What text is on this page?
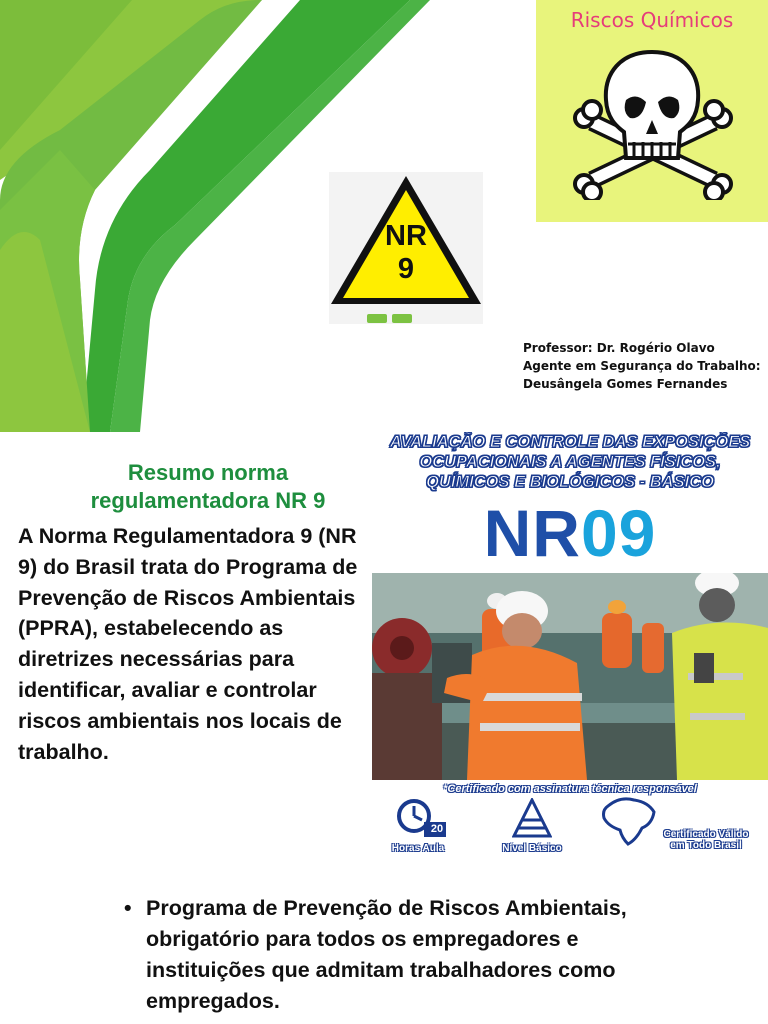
Riscos Químicos
NR
9
Professor: Dr. Rogério Olavo
Agente em Segurança do Trabalho:
Deusângela Gomes Fernandes
Resumo norma
regulamentadora NR 9
A Norma Regulamentadora 9 (NR 9) do Brasil trata do Programa de Prevenção de Riscos Ambientais (PPRA), estabelecendo as diretrizes necessárias para identificar, avaliar e controlar riscos ambientais nos locais de trabalho.
AVALIAÇÃO E CONTROLE DAS EXPOSIÇÕES
OCUPACIONAIS A AGENTES FÍSICOS,
QUÍMICOS E BIOLÓGICOS - BÁSICO
NR09
*Certificado com assinatura técnica responsável
20
Horas Aula	Nível Básico
Certificado Válido
em Todo Brasil
• Programa de Prevenção de Riscos Ambientais, obrigatório para todos os empregadores e instituições que admitam trabalhadores como empregados.
